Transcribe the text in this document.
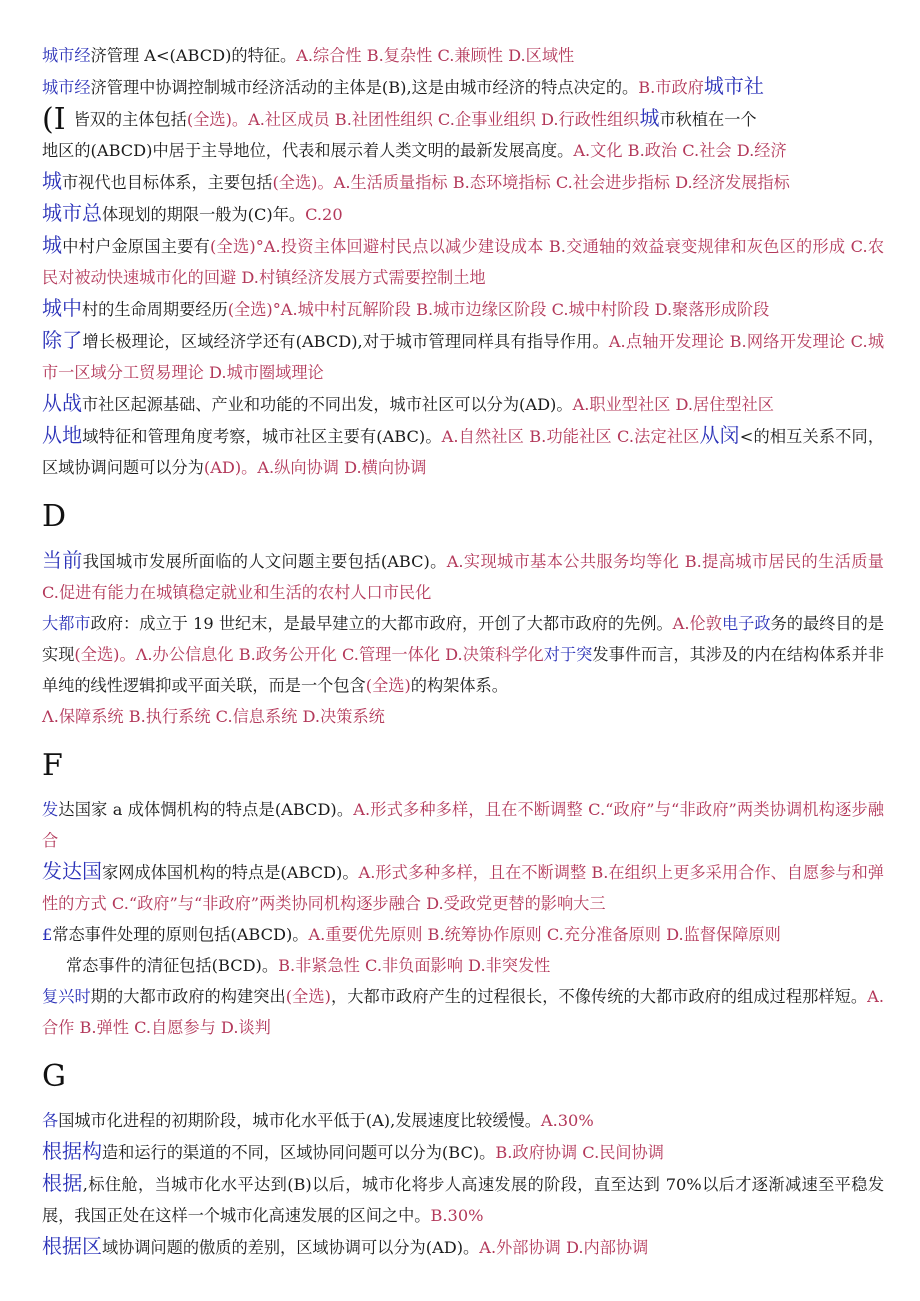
城市经济管理 A<(ABCD)的特征。A.综合性 B.复杂性 C.兼顾性 D.区域性

城市经济管理中协调控制城市经济活动的主体是(B),这是由城市经济的特点决定的。B.市政府城市社

(I皆双的主体包括(全选)。A.社区成员 B.社团性组织 C.企事业组织 D.行政性组织城市秋植在一个

地区的(ABCD)中居于主导地位，代表和展示着人类文明的最新发展高度。A.文化 B.政治 C.社会 D.经济

城市视代也目标体系，主要包括(全选)。A.生活质量指标 B.态环境指标 C.社会进步指标 D.经济发展指标

城市总体现划的期限一般为(C)年。C.20

城中村户金原国主要有(全选)°A.投资主体回避村民点以减少建设成本 B.交通轴的效益衰变规律和灰色区的形成 C.农民对被动快速城市化的回避 D.村镇经济发展方式需要控制土地

城中村的生命周期要经历(全选)°A.城中村瓦解阶段 B.城市边缘区阶段 C.城中村阶段 D.聚落形成阶段

除了增长极理论，区域经济学还有(ABCD),对于城市管理同样具有指导作用。A.点轴开发理论 B.网络开发理论 C.城市一区域分工贸易理论 D.城市圈域理论

从战市社区起源基础、产业和功能的不同出发，城市社区可以分为(AD)。A.职业型社区 D.居住型社区

从地域特征和管理角度考察，城市社区主要有(ABC)。A.自然社区 B.功能社区 C.法定社区从闵<的相互关系不同，区域协调问题可以分为(AD)。A.纵向协调 D.横向协调

D

当前我国城市发展所面临的人文问题主要包括(ABC)。A.实现城市基本公共服务均等化 B.提高城市居民的生活质量 C.促进有能力在城镇稳定就业和生活的农村人口市民化

大都市政府：成立于 19 世纪末，是最早建立的大都市政府，开创了大都市政府的先例。A.伦敦电子政务的最终目的是实现(全选)。Λ.办公信息化 B.政务公开化 C.管理一体化 D.决策科学化对于突发事件而言，其涉及的内在结构体系并非单纯的线性逻辑抑或平面关联，而是一个包含(全选)的构架体系。

Λ.保障系统 B.执行系统 C.信息系统 D.决策系统

F

发达国家 a 成体惆机构的特点是(ABCD)。A.形式多种多样，且在不断调整 C.“政府”与“非政府”两类协调机构逐步融合

发达国家网成体国机构的特点是(ABCD)。A.形式多种多样，且在不断调整 B.在组织上更多采用合作、自愿参与和弹性的方式 C.“政府”与“非政府”两类协同机构逐步融合 D.受政党更替的影响大三

£常态事件处理的原则包括(ABCD)。A.重要优先原则 B.统筹协作原则 C.充分准备原则 D.监督保障原则

常态事件的清征包括(BCD)。B.非紧急性 C.非负面影响 D.非突发性

复兴时期的大都市政府的构建突出(全选)，大都市政府产生的过程很长，不像传统的大都市政府的组成过程那样短。A.合作 B.弹性 C.自愿参与 D.谈判

G

各国城市化进程的初期阶段，城市化水平低于(A),发展速度比较缓慢。A.30%

根据构造和运行的渠道的不同，区域协同问题可以分为(BC)。B.政府协调 C.民间协调

根据,标住舱，当城市化水平达到(B)以后，城市化将步人高速发展的阶段，直至达到 70%以后才逐渐减速至平稳发展，我国正处在这样一个城市化高速发展的区间之中。B.30%

根据区域协调问题的傲质的差别，区域协调可以分为(AD)。A.外部协调 D.内部协调
